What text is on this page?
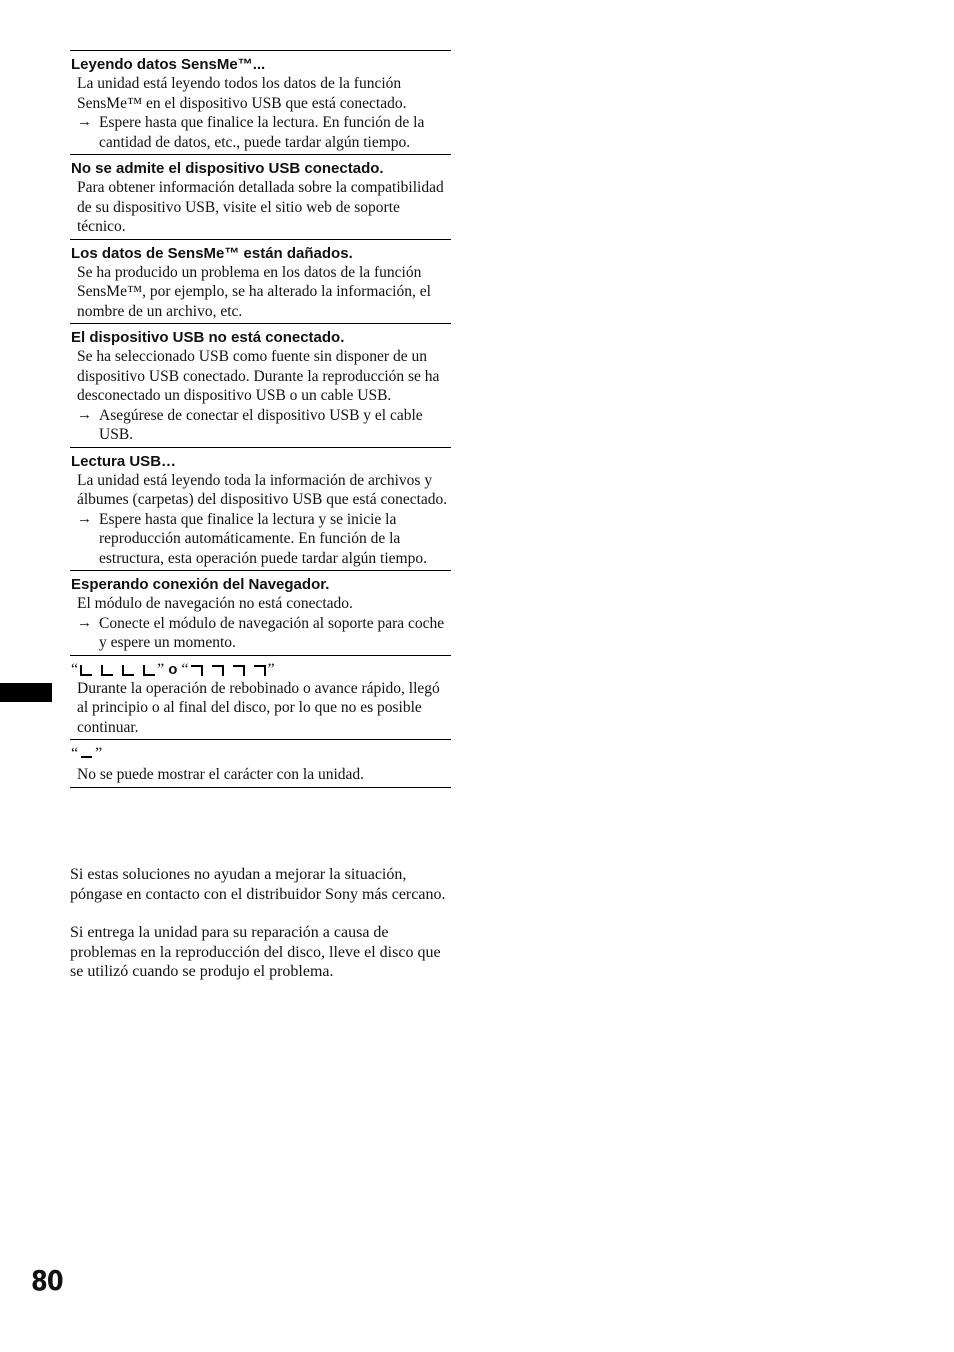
Leyendo datos SensMe™...
La unidad está leyendo todos los datos de la función SensMe™ en el dispositivo USB que está conectado.
→ Espere hasta que finalice la lectura. En función de la cantidad de datos, etc., puede tardar algún tiempo.
No se admite el dispositivo USB conectado.
Para obtener información detallada sobre la compatibilidad de su dispositivo USB, visite el sitio web de soporte técnico.
Los datos de SensMe™ están dañados.
Se ha producido un problema en los datos de la función SensMe™, por ejemplo, se ha alterado la información, el nombre de un archivo, etc.
El dispositivo USB no está conectado.
Se ha seleccionado USB como fuente sin disponer de un dispositivo USB conectado. Durante la reproducción se ha desconectado un dispositivo USB o un cable USB.
→ Asegúrese de conectar el dispositivo USB y el cable USB.
Lectura USB…
La unidad está leyendo toda la información de archivos y álbumes (carpetas) del dispositivo USB que está conectado.
→ Espere hasta que finalice la lectura y se inicie la reproducción automáticamente. En función de la estructura, esta operación puede tardar algún tiempo.
Esperando conexión del Navegador.
El módulo de navegación no está conectado.
→ Conecte el módulo de navegación al soporte para coche y espere un momento.
“	” o “	”
Durante la operación de rebobinado o avance rápido, llegó al principio o al final del disco, por lo que no es posible continuar.
“ ”
No se puede mostrar el carácter con la unidad.
Si estas soluciones no ayudan a mejorar la situación, póngase en contacto con el distribuidor Sony más cercano.
Si entrega la unidad para su reparación a causa de problemas en la reproducción del disco, lleve el disco que se utilizó cuando se produjo el problema.
80
